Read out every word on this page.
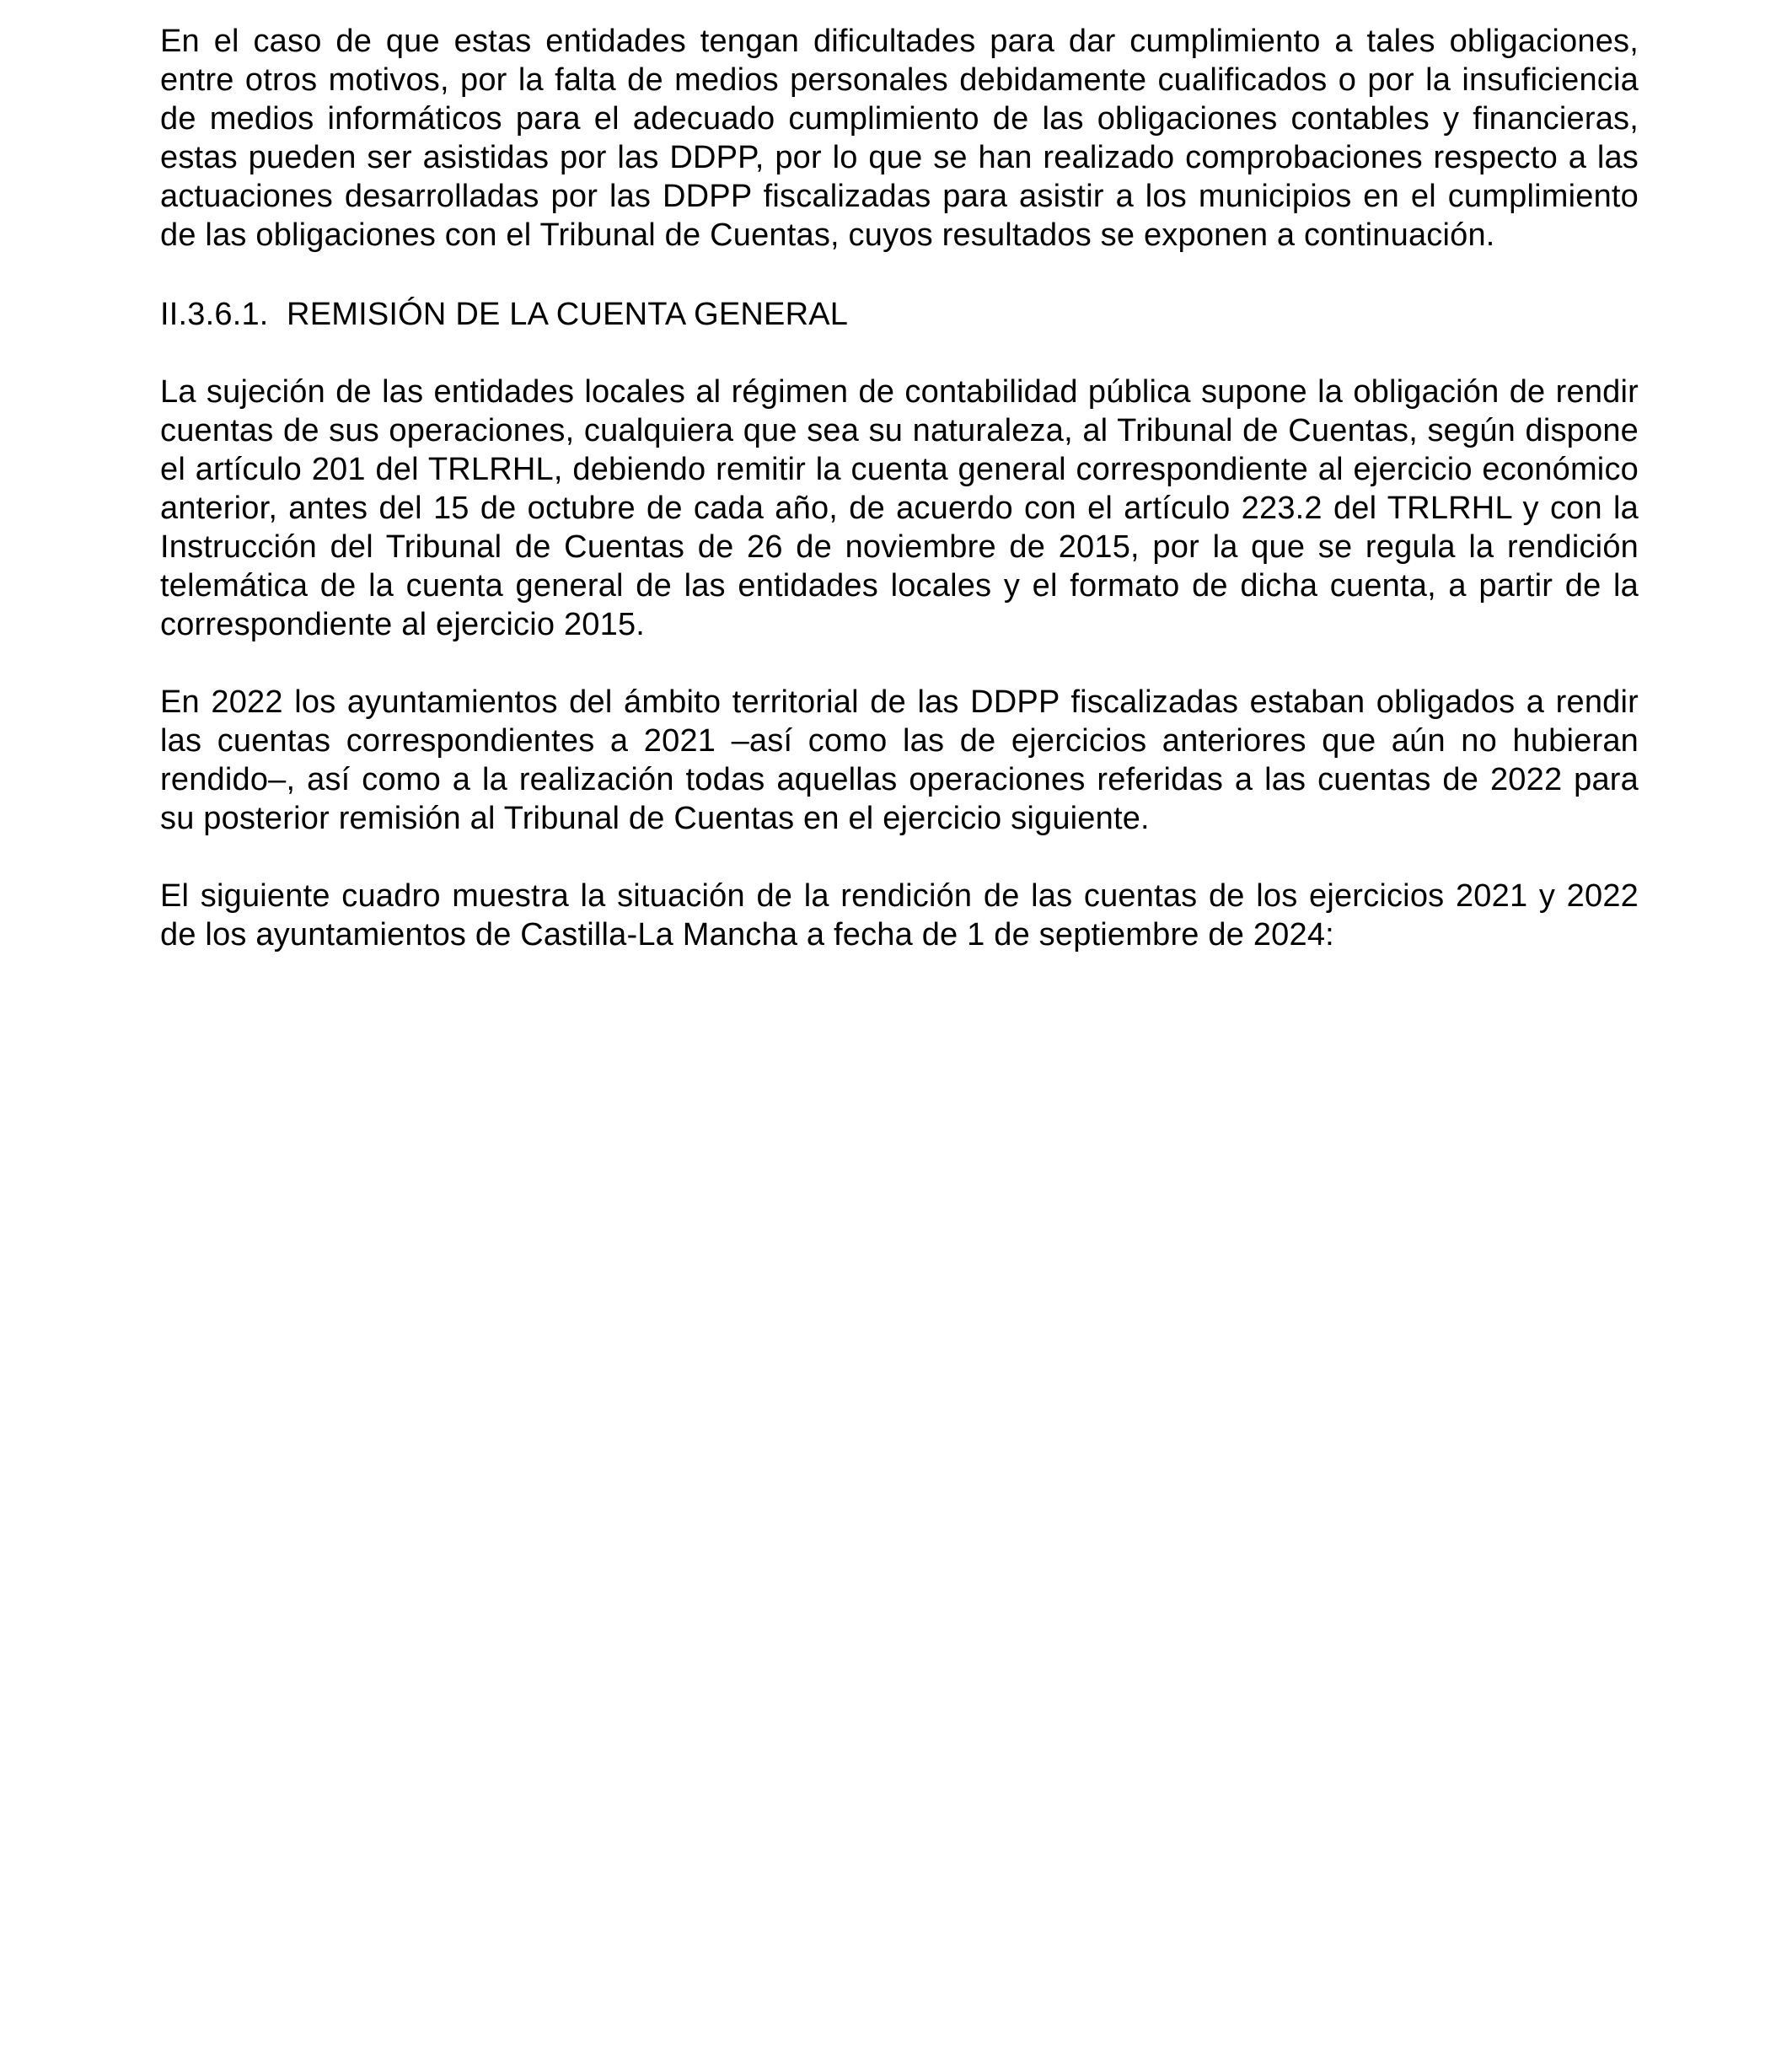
En el caso de que estas entidades tengan dificultades para dar cumplimiento a tales obligaciones, entre otros motivos, por la falta de medios personales debidamente cualificados o por la insuficiencia de medios informáticos para el adecuado cumplimiento de las obligaciones contables y financieras, estas pueden ser asistidas por las DDPP, por lo que se han realizado comprobaciones respecto a las actuaciones desarrolladas por las DDPP fiscalizadas para asistir a los municipios en el cumplimiento de las obligaciones con el Tribunal de Cuentas, cuyos resultados se exponen a continuación.

II.3.6.1.  REMISIÓN DE LA CUENTA GENERAL

La sujeción de las entidades locales al régimen de contabilidad pública supone la obligación de rendir cuentas de sus operaciones, cualquiera que sea su naturaleza, al Tribunal de Cuentas, según dispone el artículo 201 del TRLRHL, debiendo remitir la cuenta general correspondiente al ejercicio económico anterior, antes del 15 de octubre de cada año, de acuerdo con el artículo 223.2 del TRLRHL y con la Instrucción del Tribunal de Cuentas de 26 de noviembre de 2015, por la que se regula la rendición telemática de la cuenta general de las entidades locales y el formato de dicha cuenta, a partir de la correspondiente al ejercicio 2015.

En 2022 los ayuntamientos del ámbito territorial de las DDPP fiscalizadas estaban obligados a rendir las cuentas correspondientes a 2021 –así como las de ejercicios anteriores que aún no hubieran rendido–, así como a la realización todas aquellas operaciones referidas a las cuentas de 2022 para su posterior remisión al Tribunal de Cuentas en el ejercicio siguiente.

El siguiente cuadro muestra la situación de la rendición de las cuentas de los ejercicios 2021 y 2022 de los ayuntamientos de Castilla-La Mancha a fecha de 1 de septiembre de 2024:
